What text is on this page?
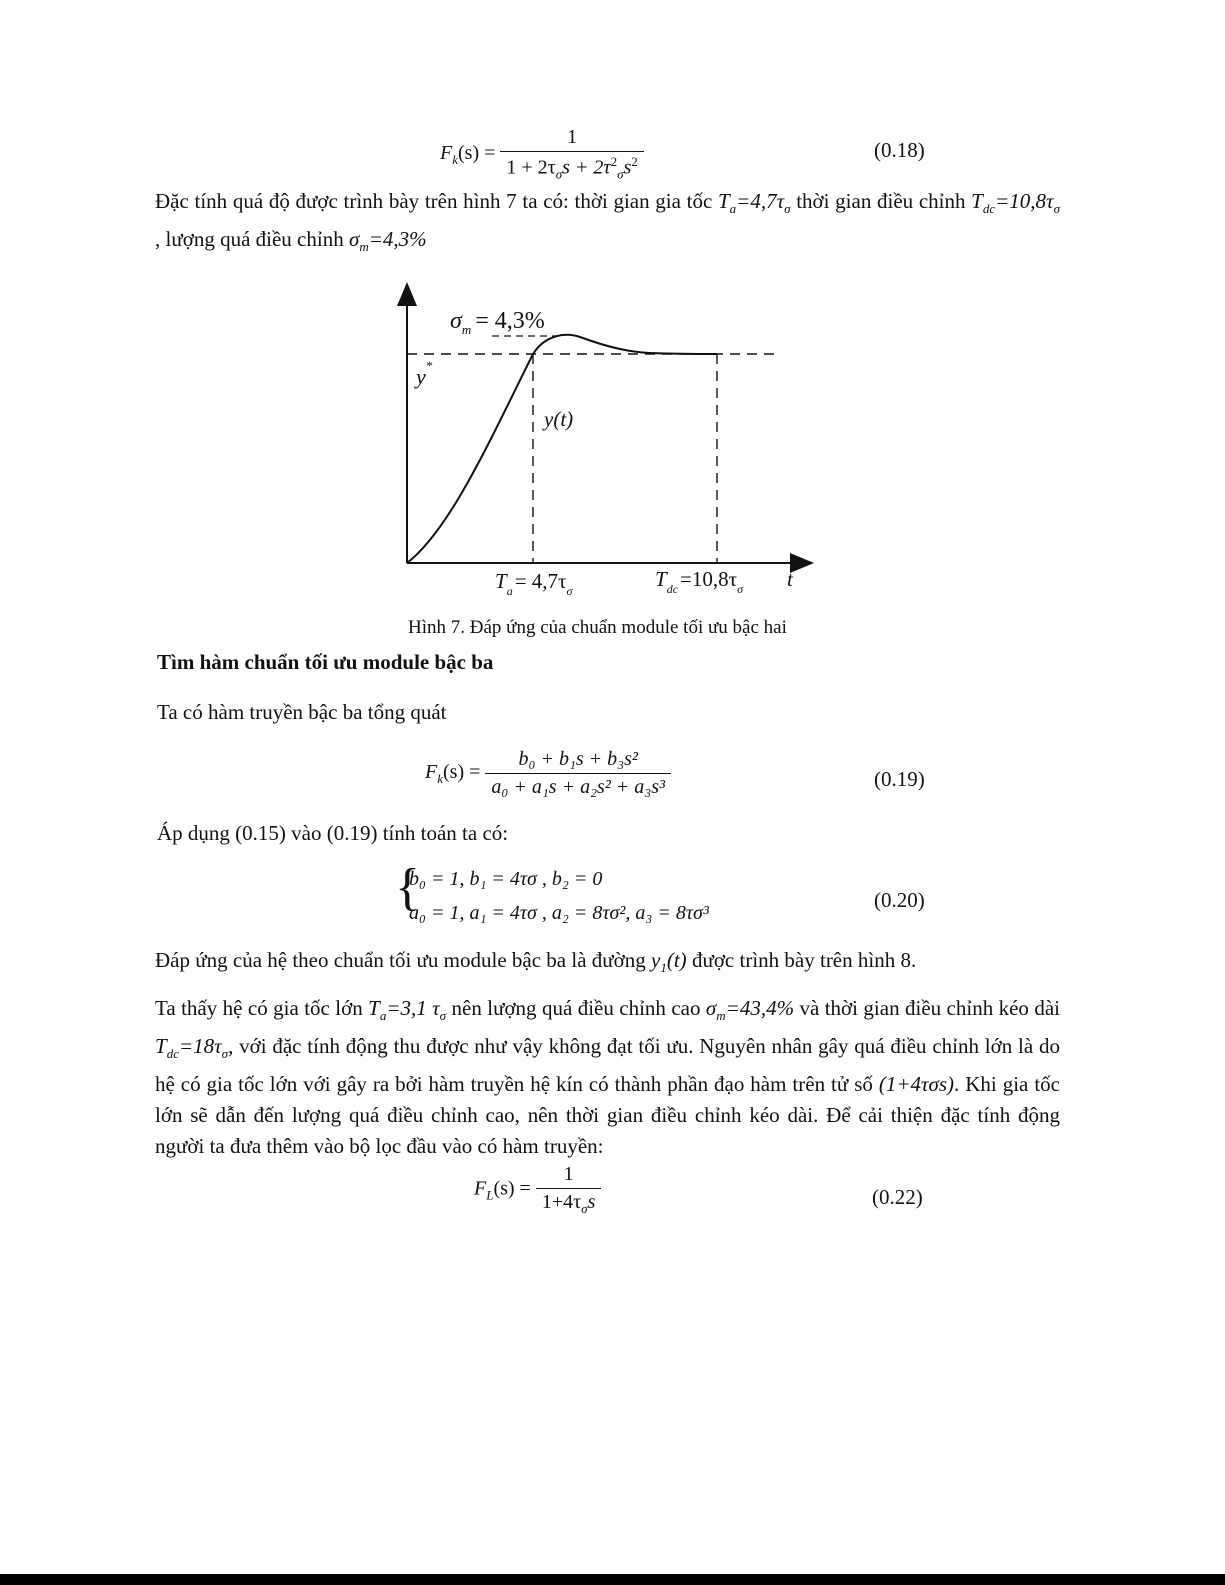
$F_k(s) = \frac{1}{1 + 2\tau_\sigma s + 2\tau^2_\sigma s^2}$	(0.18)
Đặc tính quá độ được trình bày trên hình 7 ta có: thời gian gia tốc $T_a=4,7\tau_\sigma$ thời gian điều chỉnh $T_{dc}=10,8\tau_\sigma$ , lượng quá điều chỉnh $\sigma_m=4,3\%$
$\sigma_m = 4,3\%$
y*
y(t)
$T_a= 4,7\tau_\sigma$	$T_{dc}=10,8\tau_\sigma$ t
Hình 7. Đáp ứng của chuẩn module tối ưu bậc hai
Tìm hàm chuẩn tối ưu module bậc ba
Ta có hàm truyền bậc ba tổng quát
$F_k(s) = \frac{\text{b₀ + b₁s + b₃s²}}{\text{a₀ + a₁s + a₂s² + a₃s³}}$	(0.19)
Áp dụng (0.15) vào (0.19) tính toán ta có:
{
b₀ = 1, b₁ = 4τσ , b₂ = 0
a₀ = 1, a₁ = 4τσ , a₂ = 8τσ², a₃ = 8τσ³
(0.20)
Đáp ứng của hệ theo chuẩn tối ưu module bậc ba là đường $y_1(t)$ được trình bày trên hình 8.
Ta thấy hệ có gia tốc lớn $T_a=3,1$ $\tau_\sigma$ nên lượng quá điều chỉnh cao $\sigma_m=43,4\%$ và thời gian điều chỉnh kéo dài $T_{dc}=18\tau_\sigma$, với đặc tính động thu được như vậy không đạt tối ưu. Nguyên nhân gây quá điều chỉnh lớn là do hệ có gia tốc lớn với gây ra bởi hàm truyền hệ kín có thành phần đạo hàm trên tử số (1+4τσs). Khi gia tốc lớn sẽ dẫn đến lượng quá điều chỉnh cao, nên thời gian điều chỉnh kéo dài. Để cải thiện đặc tính động người ta đưa thêm vào bộ lọc đầu vào có hàm truyền:
$F_L(s) = \frac{1}{1+4\tau_\sigma s}$	(0.22)
